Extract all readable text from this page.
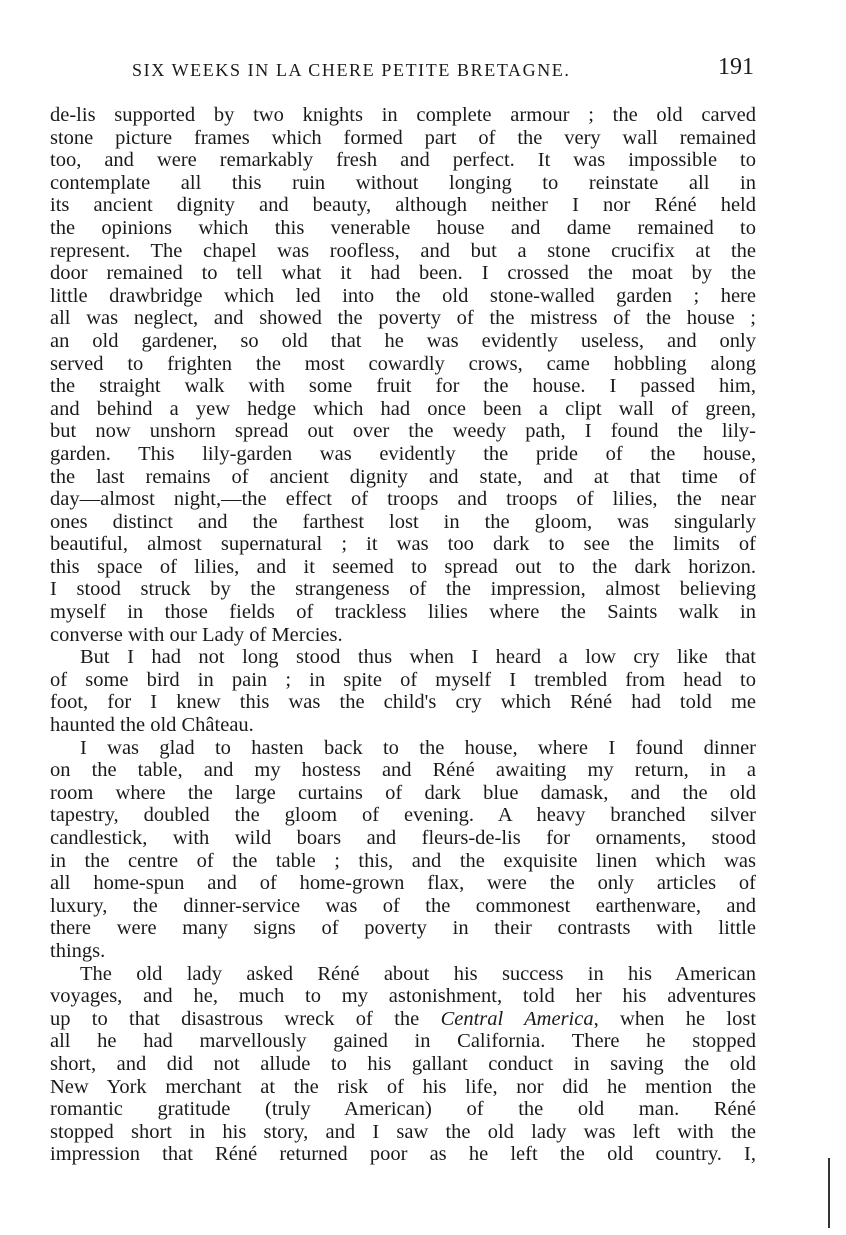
SIX WEEKS IN LA CHERE PETITE BRETAGNE.	191
de-lis supported by two knights in complete armour ; the old carved
stone picture frames which formed part of the very wall remained
too, and were remarkably fresh and perfect. It was impossible to
contemplate all this ruin without longing to reinstate all in
its ancient dignity and beauty, although neither I nor Réné held
the opinions which this venerable house and dame remained to
represent. The chapel was roofless, and but a stone crucifix at the
door remained to tell what it had been. I crossed the moat by the
little drawbridge which led into the old stone-walled garden ; here
all was neglect, and showed the poverty of the mistress of the house ;
an old gardener, so old that he was evidently useless, and only
served to frighten the most cowardly crows, came hobbling along
the straight walk with some fruit for the house. I passed him,
and behind a yew hedge which had once been a clipt wall of green,
but now unshorn spread out over the weedy path, I found the lily-
garden. This lily-garden was evidently the pride of the house,
the last remains of ancient dignity and state, and at that time of
day—almost night,—the effect of troops and troops of lilies, the near
ones distinct and the farthest lost in the gloom, was singularly
beautiful, almost supernatural ; it was too dark to see the limits of
this space of lilies, and it seemed to spread out to the dark horizon.
I stood struck by the strangeness of the impression, almost believing
myself in those fields of trackless lilies where the Saints walk in
converse with our Lady of Mercies.
But I had not long stood thus when I heard a low cry like that
of some bird in pain ; in spite of myself I trembled from head to
foot, for I knew this was the child's cry which Réné had told me
haunted the old Château.
I was glad to hasten back to the house, where I found dinner
on the table, and my hostess and Réné awaiting my return, in a
room where the large curtains of dark blue damask, and the old
tapestry, doubled the gloom of evening. A heavy branched silver
candlestick, with wild boars and fleurs-de-lis for ornaments, stood
in the centre of the table ; this, and the exquisite linen which was
all home-spun and of home-grown flax, were the only articles of
luxury, the dinner-service was of the commonest earthenware, and
there were many signs of poverty in their contrasts with little
things.
The old lady asked Réné about his success in his American
voyages, and he, much to my astonishment, told her his adventures
up to that disastrous wreck of the Central America, when he lost
all he had marvellously gained in California. There he stopped
short, and did not allude to his gallant conduct in saving the old
New York merchant at the risk of his life, nor did he mention the
romantic gratitude (truly American) of the old man. Réné
stopped short in his story, and I saw the old lady was left with the
impression that Réné returned poor as he left the old country. I,
